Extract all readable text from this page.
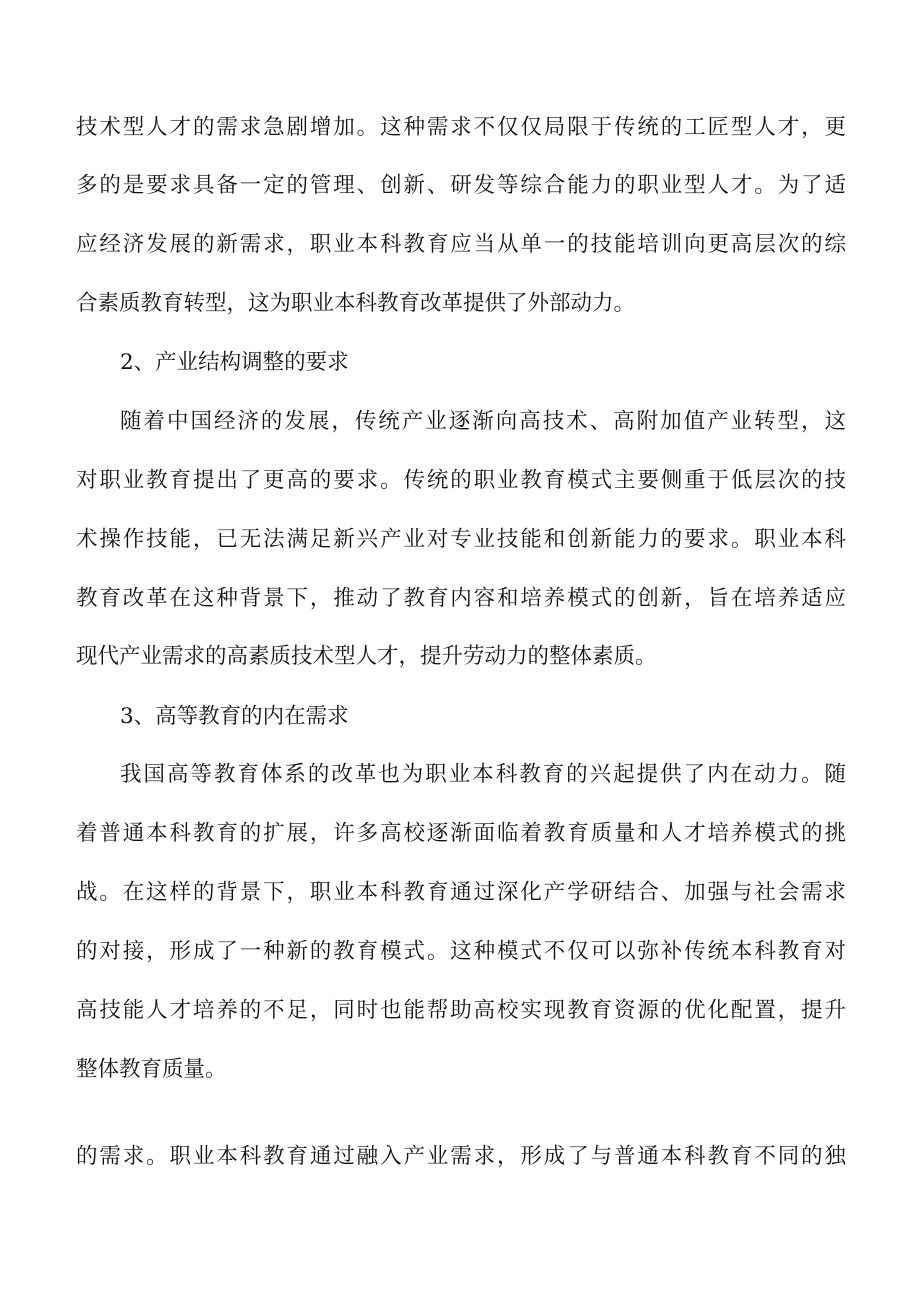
技术型人才的需求急剧增加。这种需求不仅仅局限于传统的工匠型人才，更
多的是要求具备一定的管理、创新、研发等综合能力的职业型人才。为了适
应经济发展的新需求，职业本科教育应当从单一的技能培训向更高层次的综
合素质教育转型，这为职业本科教育改革提供了外部动力。
2、产业结构调整的要求
随着中国经济的发展，传统产业逐渐向高技术、高附加值产业转型，这
对职业教育提出了更高的要求。传统的职业教育模式主要侧重于低层次的技
术操作技能，已无法满足新兴产业对专业技能和创新能力的要求。职业本科
教育改革在这种背景下，推动了教育内容和培养模式的创新，旨在培养适应
现代产业需求的高素质技术型人才，提升劳动力的整体素质。
3、高等教育的内在需求
我国高等教育体系的改革也为职业本科教育的兴起提供了内在动力。随
着普通本科教育的扩展，许多高校逐渐面临着教育质量和人才培养模式的挑
战。在这样的背景下，职业本科教育通过深化产学研结合、加强与社会需求
的对接，形成了一种新的教育模式。这种模式不仅可以弥补传统本科教育对
高技能人才培养的不足，同时也能帮助高校实现教育资源的优化配置，提升
整体教育质量。
的需求。职业本科教育通过融入产业需求，形成了与普通本科教育不同的独
